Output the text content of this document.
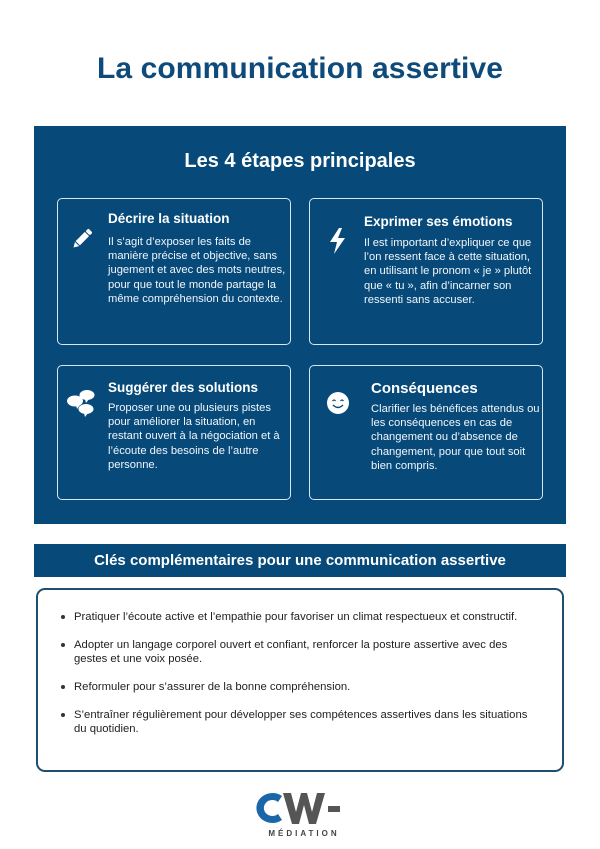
La communication assertive
Les 4 étapes principales
Décrire la situation
Il s’agit d’exposer les faits de manière précise et objective, sans jugement et avec des mots neutres, pour que tout le monde partage la même compréhension du contexte.
Exprimer ses émotions
Il est important d’expliquer ce que l’on ressent face à cette situation, en utilisant le pronom « je » plutôt que « tu », afin d’incarner son ressenti sans accuser.
Suggérer des solutions
Proposer une ou plusieurs pistes pour améliorer la situation, en restant ouvert à la négociation et à l’écoute des besoins de l’autre personne.
Conséquences
Clarifier les bénéfices attendus ou les conséquences en cas de changement ou d’absence de changement, pour que tout soit bien compris.
Clés complémentaires pour une communication assertive
Pratiquer l’écoute active et l’empathie pour favoriser un climat respectueux et constructif.
Adopter un langage corporel ouvert et confiant, renforcer la posture assertive avec des gestes et une voix posée.
Reformuler pour s’assurer de la bonne compréhension.
S’entraîner régulièrement pour développer ses compétences assertives dans les situations du quotidien.
MÉDIATION
